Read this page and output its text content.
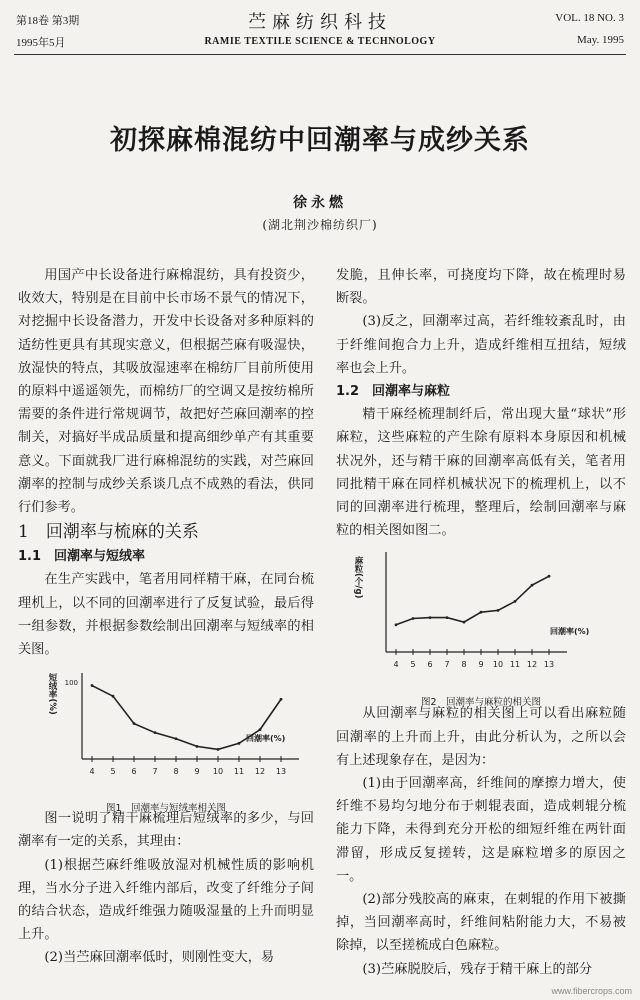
第18卷 第3期
1995年5月
苎麻纺织科技
RAMIE TEXTILE SCIENCE & TECHNOLOGY
VOL. 18 NO. 3
May. 1995
初探麻棉混纺中回潮率与成纱关系
徐永燃
(湖北荆沙棉纺织厂)

用国产中长设备进行麻棉混纺，具有投资少，收效大，特别是在目前中长市场不景气的情况下，对挖掘中长设备潜力，开发中长设备对多种原料的适纺性更具有其现实意义，但根据苎麻有吸湿快，放湿快的特点，其吸放湿速率在棉纺厂目前所使用的原料中遥遥领先，而棉纺厂的空调又是按纺棉所需要的条件进行常规调节，故把好苎麻回潮率的控制关，对搞好半成品质量和提高细纱单产有其重要意义。下面就我厂进行麻棉混纺的实践，对苎麻回潮率的控制与成纱关系谈几点不成熟的看法，供同行们参考。

1　回潮率与梳麻的关系

1.1　回潮率与短绒率

在生产实践中，笔者用同样精干麻，在同台梳理机上，以不同的回潮率进行了反复试验，最后得一组参数，并根据参数绘制出回潮率与短绒率的相关图。

4 5 6 7 8 9 10 11 12 13
短绒率(%)
回潮率(%)
100

图1　回潮率与短绒率相关图

图一说明了精干麻梳理后短绒率的多少，与回潮率有一定的关系，其理由：

(1)根据苎麻纤维吸放湿对机械性质的影响机理，当水分子进入纤维内部后，改变了纤维分子间的结合状态，造成纤维强力随吸湿量的上升而明显上升。

(2)当苎麻回潮率低时，则刚性变大，易

发脆，且伸长率，可挠度均下降，故在梳理时易断裂。

(3)反之，回潮率过高，若纤维较紊乱时，由于纤维间抱合力上升，造成纤维相互扭结，短绒率也会上升。

1.2　回潮率与麻粒

精干麻经梳理制纤后，常出现大量“球状”形麻粒，这些麻粒的产生除有原料本身原因和机械状况外，还与精干麻的回潮率高低有关，笔者用同批精干麻在同样机械状况下的梳理机上，以不同的回潮率进行梳理，整理后，绘制回潮率与麻粒的相关图如图二。

4 5 6 7 8 9 10 11 12 13
麻粒(个/g)
回潮率(%)

图2　回潮率与麻粒的相关图

从回潮率与麻粒的相关图上可以看出麻粒随回潮率的上升而上升，由此分析认为，之所以会有上述现象存在，是因为：

(1)由于回潮率高，纤维间的摩擦力增大，使纤维不易均匀地分布于刺辊表面，造成刺辊分梳能力下降，未得到充分开松的细短纤维在两针面滞留，形成反复搓转，这是麻粒增多的原因之一。

(2)部分残胶高的麻束，在刺辊的作用下被撕掉，当回潮率高时，纤维间粘附能力大，不易被除掉，以至搓梳成白色麻粒。

(3)苎麻脱胶后，残存于精干麻上的部分

www.fibercrops.com
